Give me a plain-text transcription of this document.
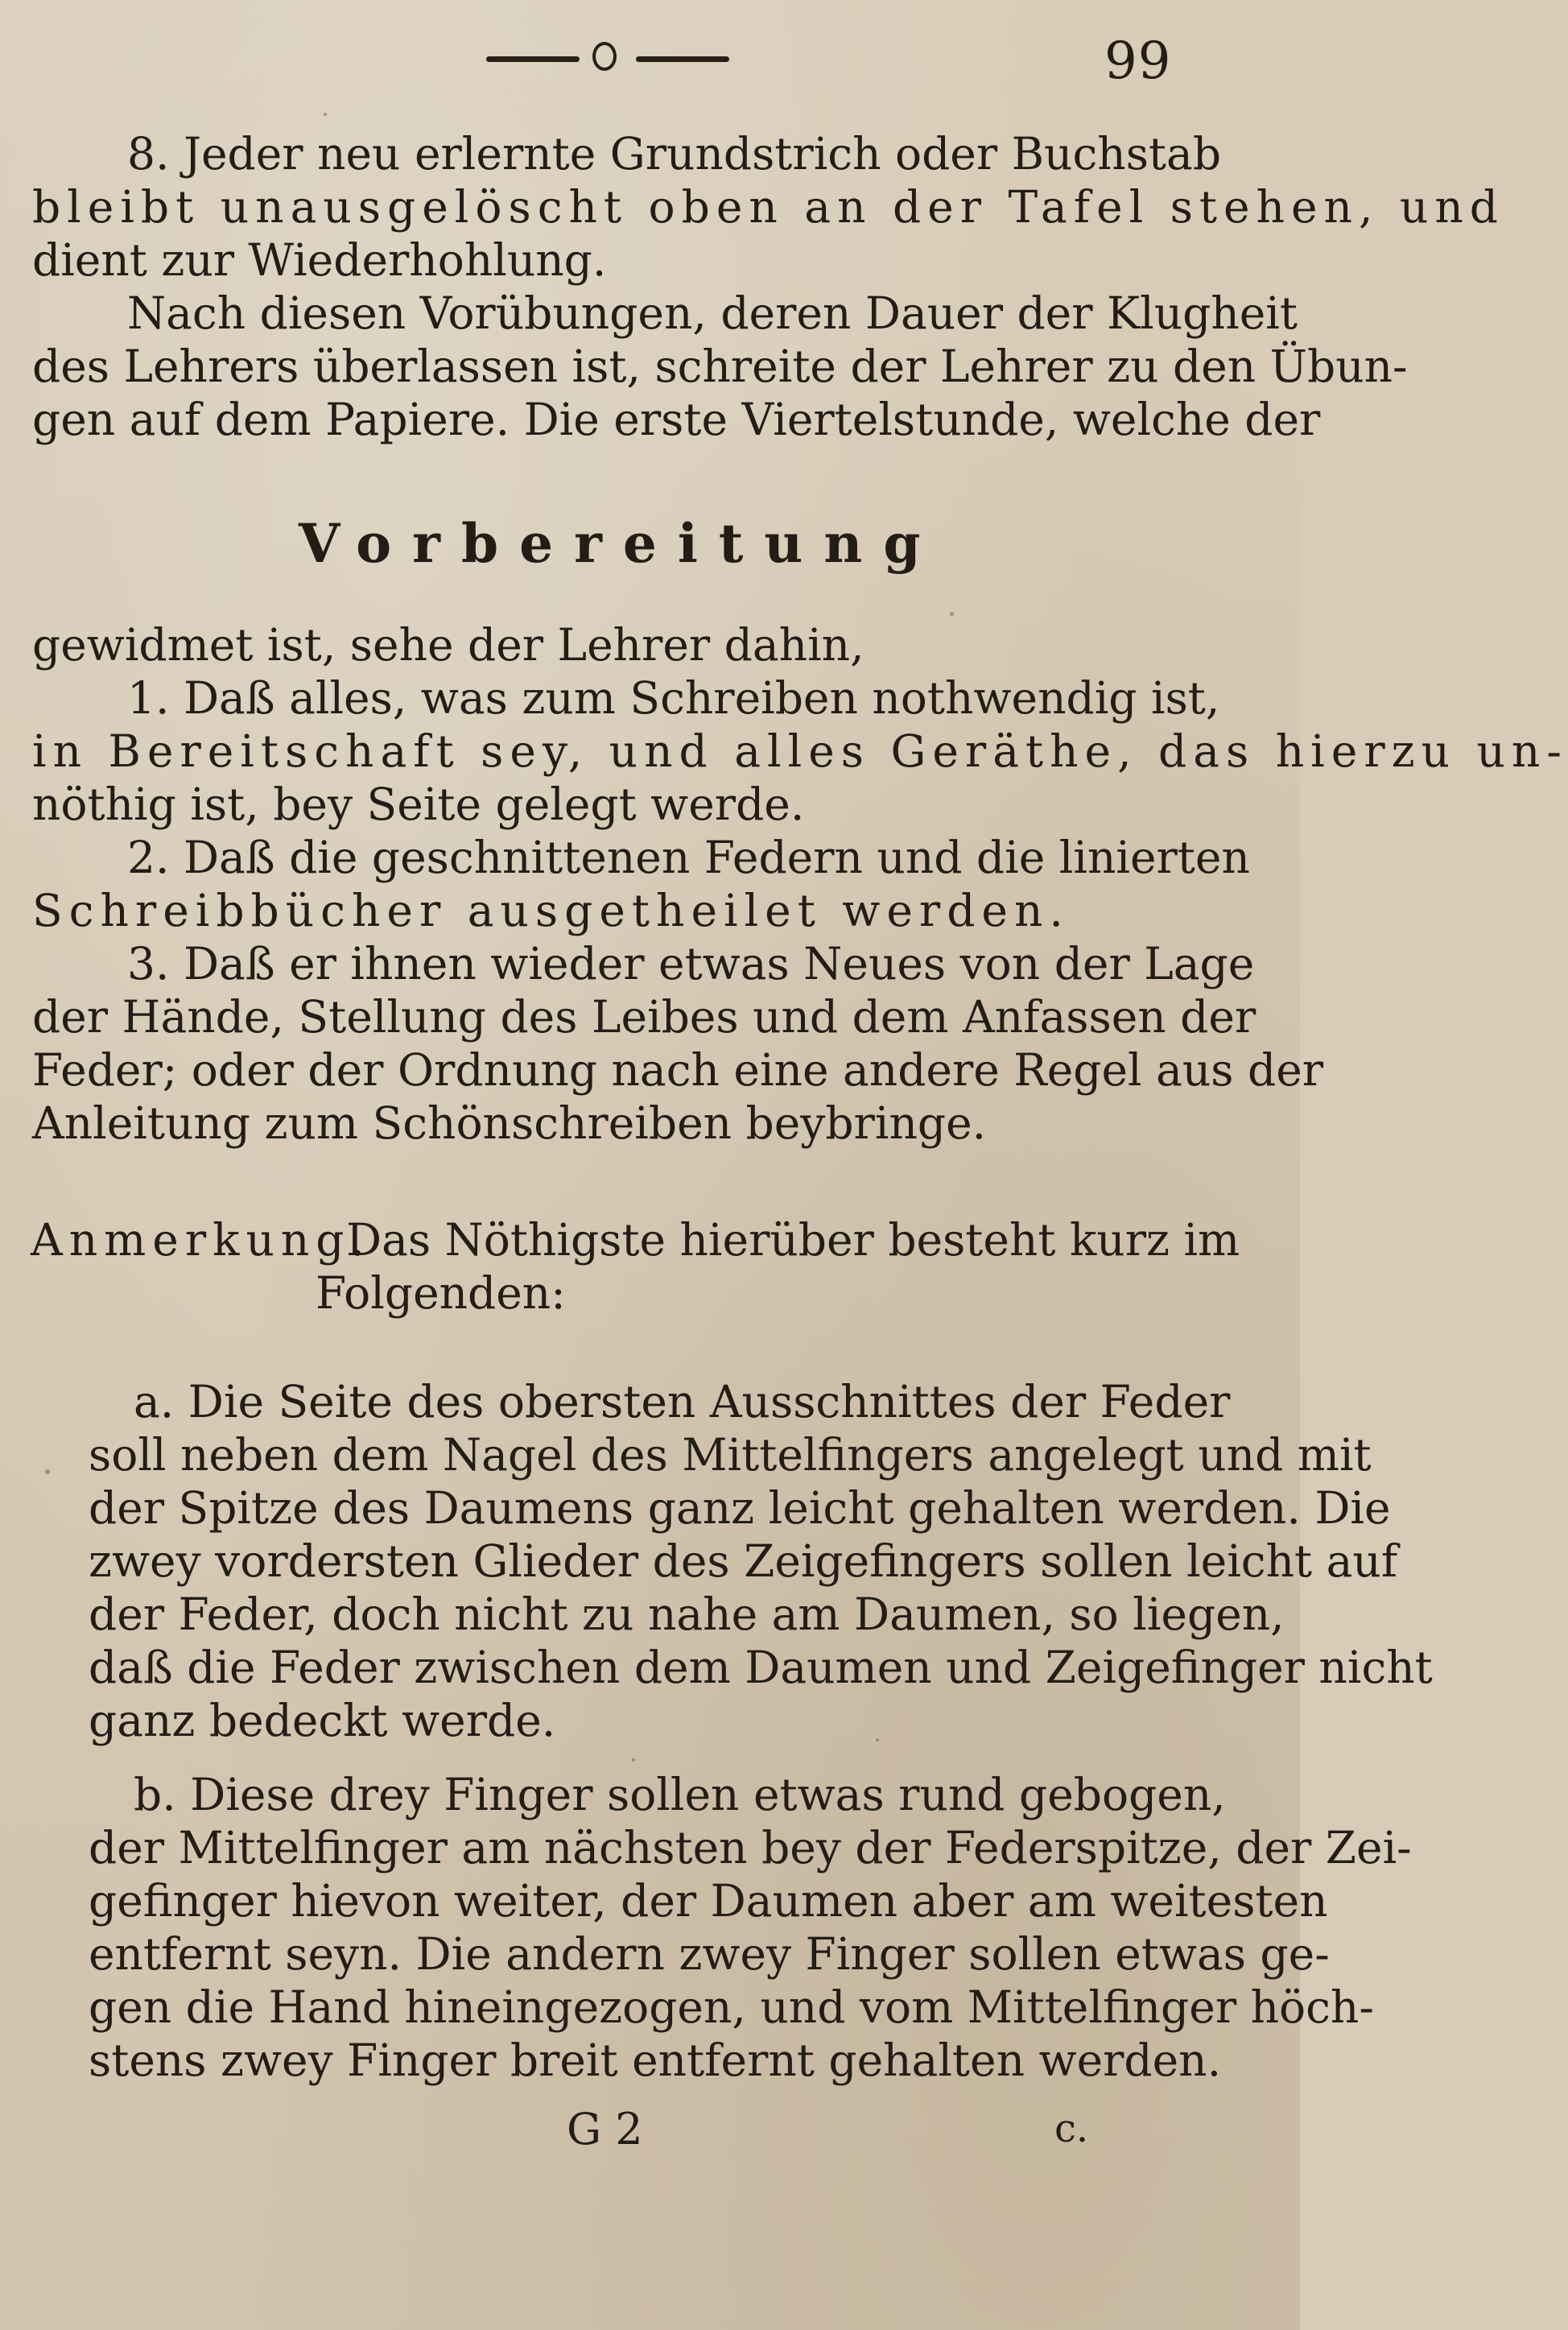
99
8. Jeder neu erlernte Grundstrich oder Buchstab
bleibt unausgelöscht oben an der Tafel stehen, und
dient zur Wiederhohlung.
Nach diesen Vorübungen, deren Dauer der Klugheit
des Lehrers überlassen ist, schreite der Lehrer zu den Übun-
gen auf dem Papiere. Die erste Viertelstunde, welche der
Vorbereitung
gewidmet ist, sehe der Lehrer dahin,
1. Daß alles, was zum Schreiben nothwendig ist,
in Bereitschaft sey, und alles Geräthe, das hierzu un-
nöthig ist, bey Seite gelegt werde.
2. Daß die geschnittenen Federn und die linierten
Schreibbücher ausgetheilet werden.
3. Daß er ihnen wieder etwas Neues von der Lage
der Hände, Stellung des Leibes und dem Anfassen der
Feder; oder der Ordnung nach eine andere Regel aus der
Anleitung zum Schönschreiben beybringe.
Anmerkung.
Das Nöthigste hierüber besteht kurz im
Folgenden:
a. Die Seite des obersten Ausschnittes der Feder
soll neben dem Nagel des Mittelfingers angelegt und mit
der Spitze des Daumens ganz leicht gehalten werden. Die
zwey vordersten Glieder des Zeigefingers sollen leicht auf
der Feder, doch nicht zu nahe am Daumen, so liegen,
daß die Feder zwischen dem Daumen und Zeigefinger nicht
ganz bedeckt werde.
b. Diese drey Finger sollen etwas rund gebogen,
der Mittelfinger am nächsten bey der Federspitze, der Zei-
gefinger hievon weiter, der Daumen aber am weitesten
entfernt seyn. Die andern zwey Finger sollen etwas ge-
gen die Hand hineingezogen, und vom Mittelfinger höch-
stens zwey Finger breit entfernt gehalten werden.
G 2	c.
